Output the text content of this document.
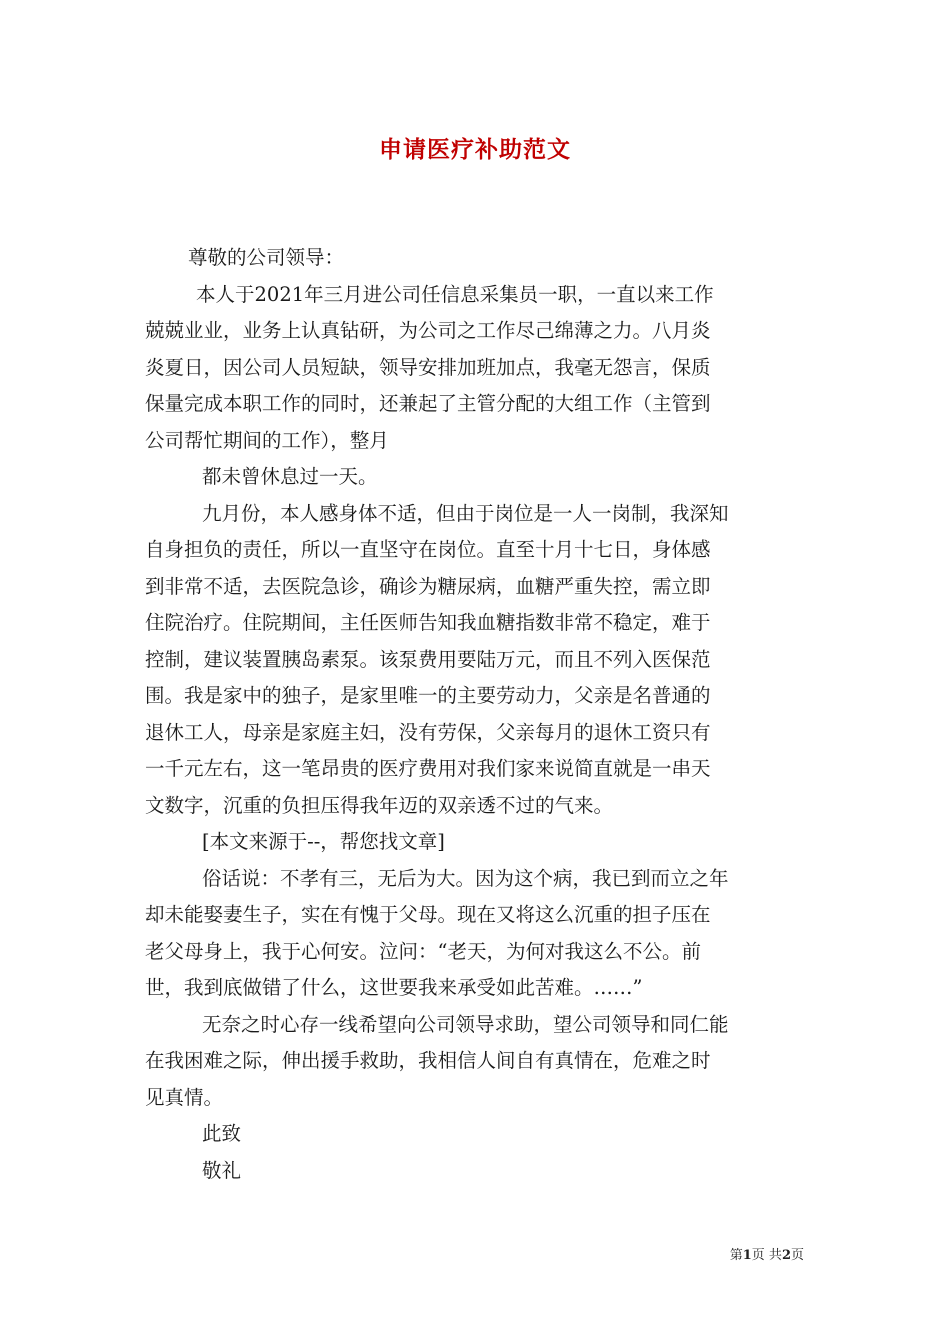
申请医疗补助范文
尊敬的公司领导：
本人于2021年三月进公司任信息采集员一职，一直以来工作
兢兢业业，业务上认真钻研，为公司之工作尽己绵薄之力。八月炎
炎夏日，因公司人员短缺，领导安排加班加点，我毫无怨言，保质
保量完成本职工作的同时，还兼起了主管分配的大组工作（主管到
公司帮忙期间的工作），整月
都未曾休息过一天。
九月份，本人感身体不适，但由于岗位是一人一岗制，我深知
自身担负的责任，所以一直坚守在岗位。直至十月十七日，身体感
到非常不适，去医院急诊，确诊为糖尿病，血糖严重失控，需立即
住院治疗。住院期间，主任医师告知我血糖指数非常不稳定，难于
控制，建议装置胰岛素泵。该泵费用要陆万元，而且不列入医保范
围。我是家中的独子，是家里唯一的主要劳动力，父亲是名普通的
退休工人，母亲是家庭主妇，没有劳保，父亲每月的退休工资只有
一千元左右，这一笔昂贵的医疗费用对我们家来说简直就是一串天
文数字，沉重的负担压得我年迈的双亲透不过的气来。
[本文来源于--，帮您找文章]
俗话说：不孝有三，无后为大。因为这个病，我已到而立之年
却未能娶妻生子，实在有愧于父母。现在又将这么沉重的担子压在
老父母身上，我于心何安。泣问：“老天，为何对我这么不公。前
世，我到底做错了什么，这世要我来承受如此苦难。……”
无奈之时心存一线希望向公司领导求助，望公司领导和同仁能
在我困难之际，伸出援手救助，我相信人间自有真情在，危难之时
见真情。
此致
敬礼
第1页 共2页
